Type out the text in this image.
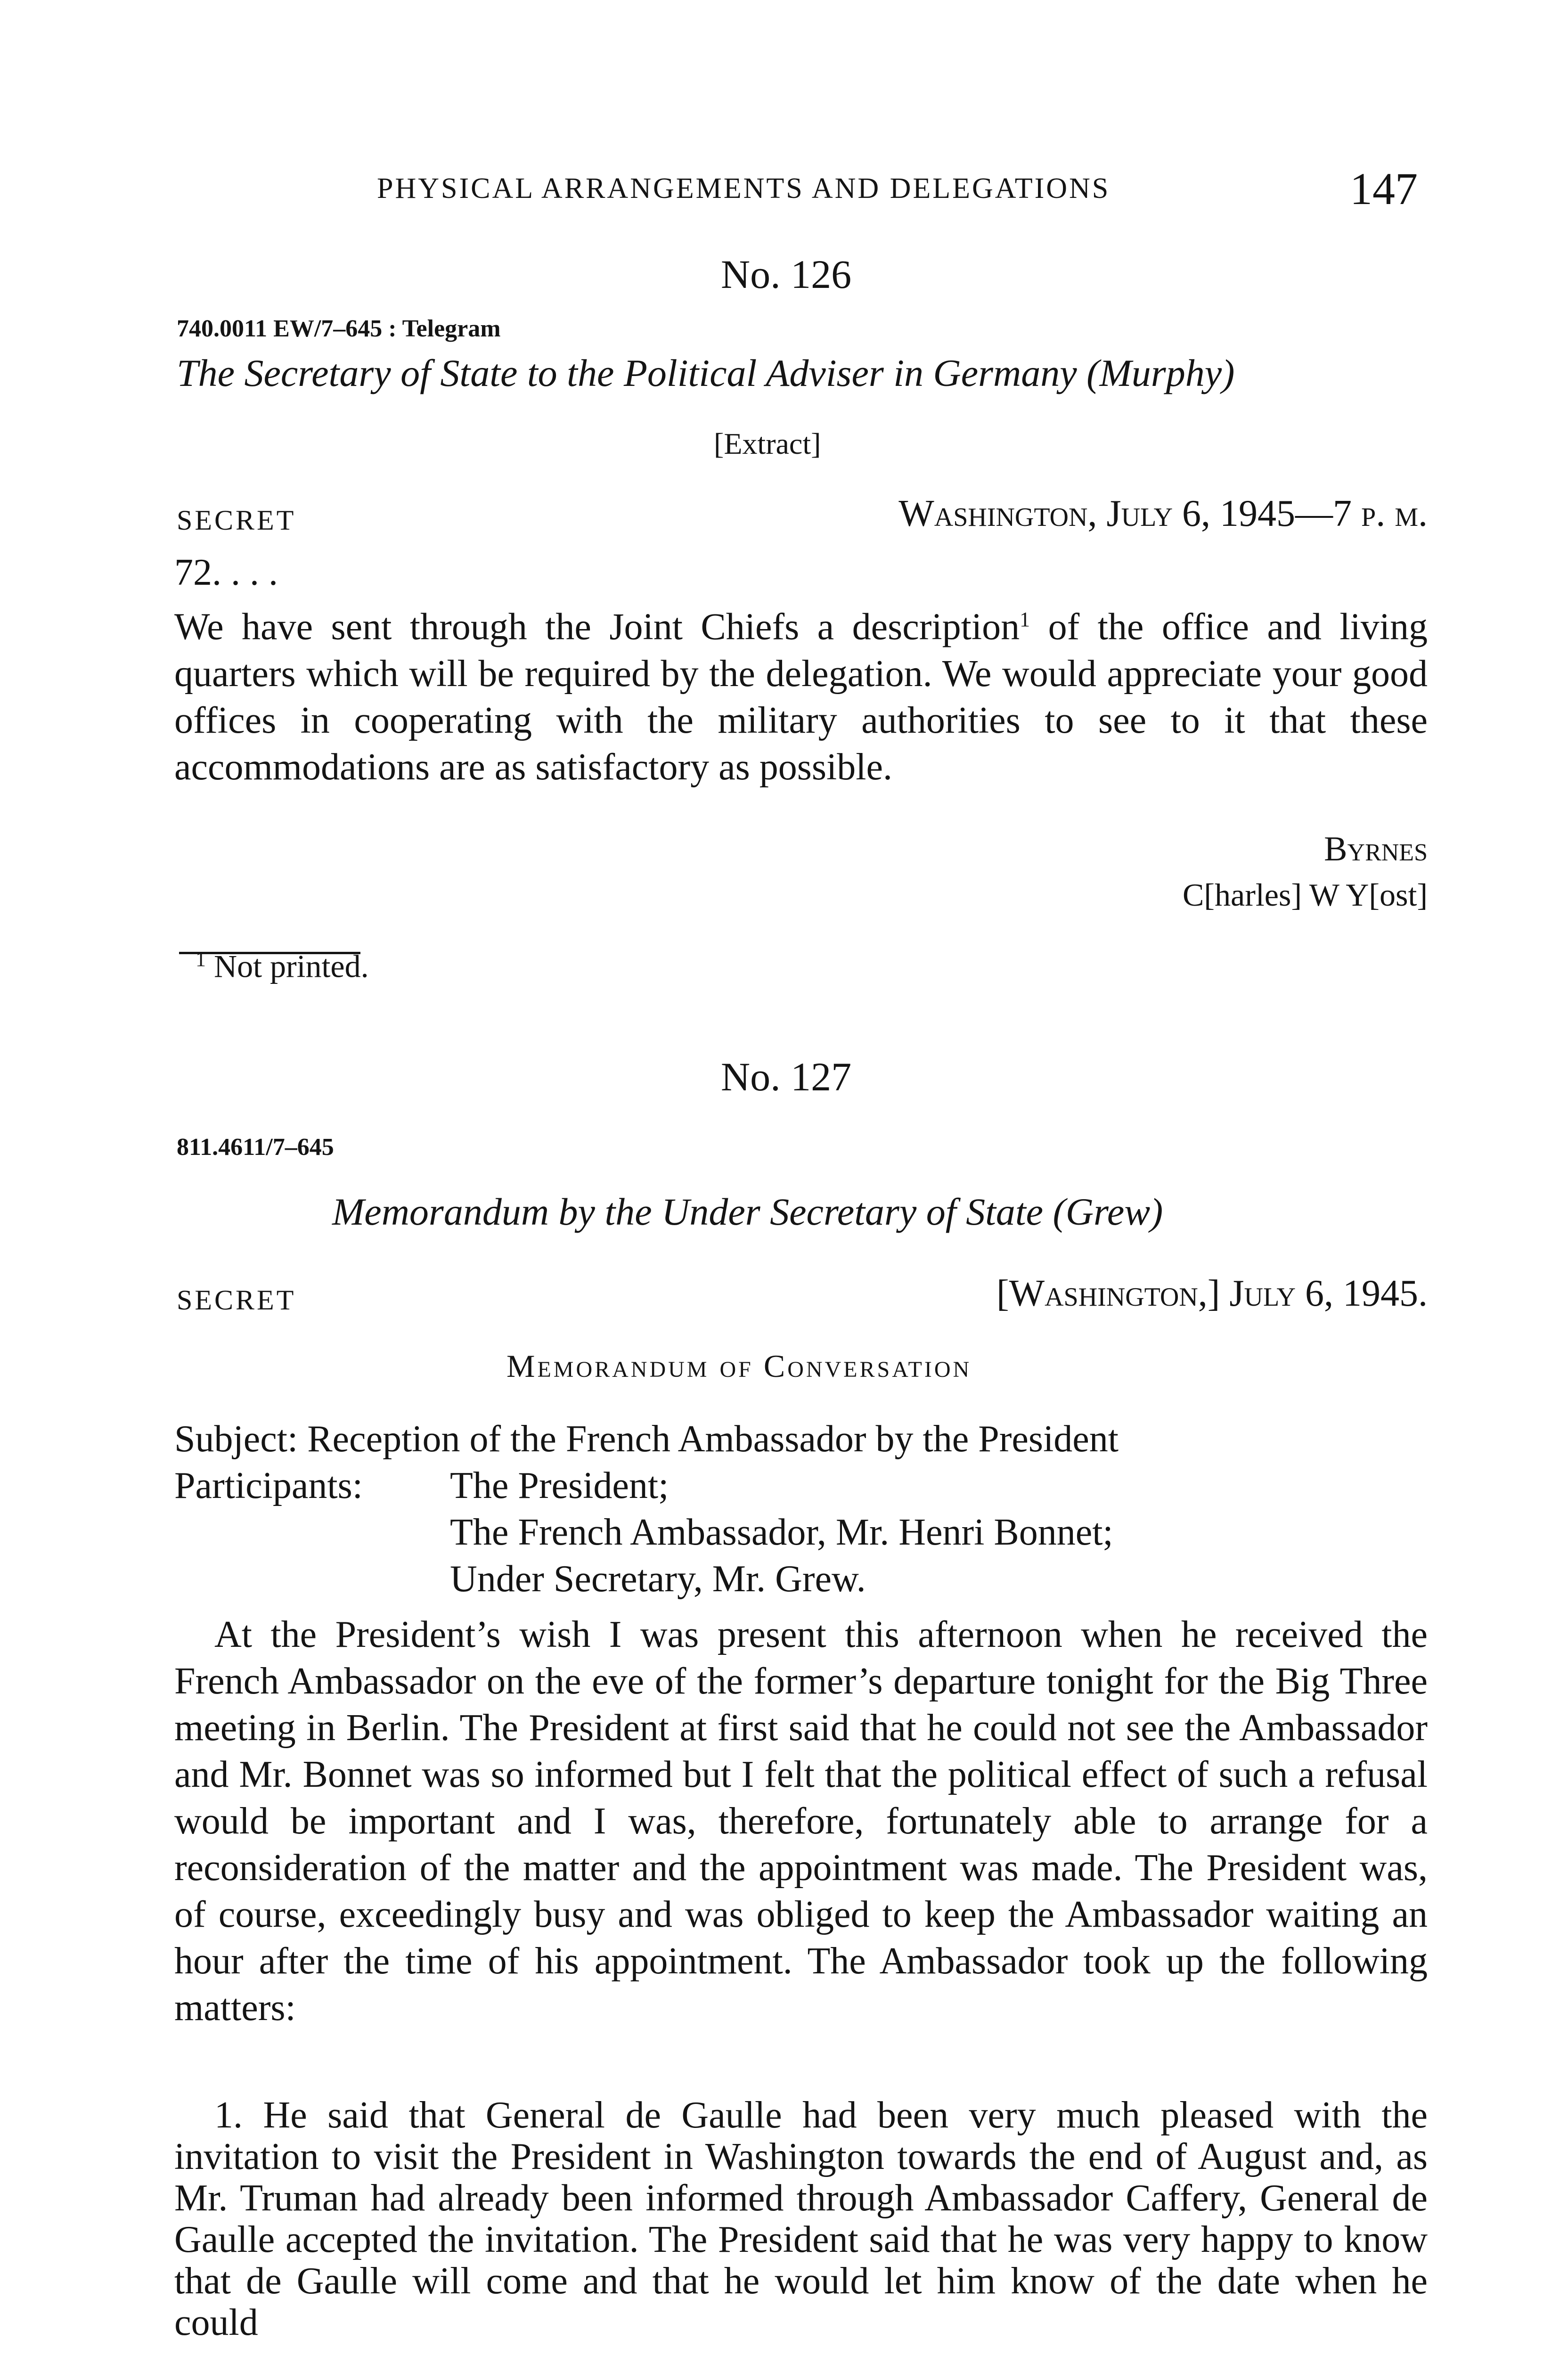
PHYSICAL ARRANGEMENTS AND DELEGATIONS	147
No. 126
740.0011 EW/7–645 : Telegram
The Secretary of State to the Political Adviser in Germany (Murphy)
[Extract]
SECRET	Washington, July 6, 1945—7 p. m.
72. . . .

We have sent through the Joint Chiefs a description$^1$ of the office and living quarters which will be required by the delegation. We would appreciate your good offices in cooperating with the military authorities to see to it that these accommodations are as satisfactory as possible.

Byrnes
C[harles] W Y[ost]
$^1$ Not printed.
No. 127
811.4611/7–645
Memorandum by the Under Secretary of State (Grew)
SECRET	[Washington,] July 6, 1945.
Memorandum of Conversation
Subject: Reception of the French Ambassador by the President
Participants: The President;
The French Ambassador, Mr. Henri Bonnet;
Under Secretary, Mr. Grew.

At the President’s wish I was present this afternoon when he received the French Ambassador on the eve of the former’s departure tonight for the Big Three meeting in Berlin. The President at first said that he could not see the Ambassador and Mr. Bonnet was so informed but I felt that the political effect of such a refusal would be important and I was, therefore, fortunately able to arrange for a reconsideration of the matter and the appointment was made. The President was, of course, exceedingly busy and was obliged to keep the Ambassador waiting an hour after the time of his appointment. The Ambassador took up the following matters:

1. He said that General de Gaulle had been very much pleased with the invitation to visit the President in Washington towards the end of August and, as Mr. Truman had already been informed through Ambassador Caffery, General de Gaulle accepted the invitation. The President said that he was very happy to know that de Gaulle will come and that he would let him know of the date when he could
